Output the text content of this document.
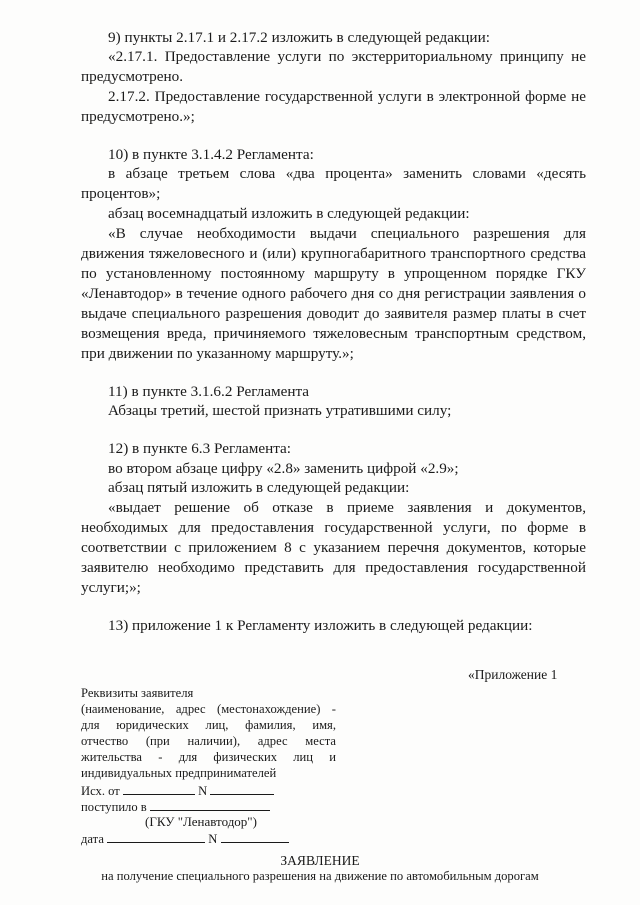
9) пункты 2.17.1 и 2.17.2 изложить в следующей редакции:

«2.17.1. Предоставление услуги по экстерриториальному принципу не

предусмотрено.

2.17.2. Предоставление государственной услуги в электронной форме не

предусмотрено.»;

10) в пункте 3.1.4.2 Регламента:

в абзаце третьем слова «два процента» заменить словами «десять

процентов»;

абзац восемнадцатый изложить в следующей редакции:

«В случае необходимости выдачи специального разрешения для

движения тяжеловесного и (или) крупногабаритного транспортного средства

по установленному постоянному маршруту в упрощенном порядке ГКУ

«Ленавтодор» в течение одного рабочего дня со дня регистрации заявления о

выдаче специального разрешения доводит до заявителя размер платы в счет

возмещения вреда, причиняемого тяжеловесным транспортным средством,

при движении по указанному маршруту.»;

11) в пункте 3.1.6.2 Регламента

Абзацы третий, шестой признать утратившими силу;

12) в пункте 6.3 Регламента:

во втором абзаце цифру «2.8» заменить цифрой «2.9»;

абзац пятый изложить в следующей редакции:

«выдает решение об отказе в приеме заявления и документов,

необходимых для предоставления государственной услуги, по форме в

соответствии с приложением 8 с указанием перечня документов, которые

заявителю необходимо представить для предоставления государственной

услуги;»;

13) приложение 1 к Регламенту изложить в следующей редакции:

«Приложение 1

Реквизиты заявителя

(наименование, адрес (местонахождение) -

для юридических лиц, фамилия, имя,

отчество (при наличии), адрес места

жительства - для физических лиц и

индивидуальных предпринимателей

Исх. от	N

поступило в

(ГКУ "Ленавтодор")

дата	N

ЗАЯВЛЕНИЕ

на получение специального разрешения на движение по автомобильным дорогам
